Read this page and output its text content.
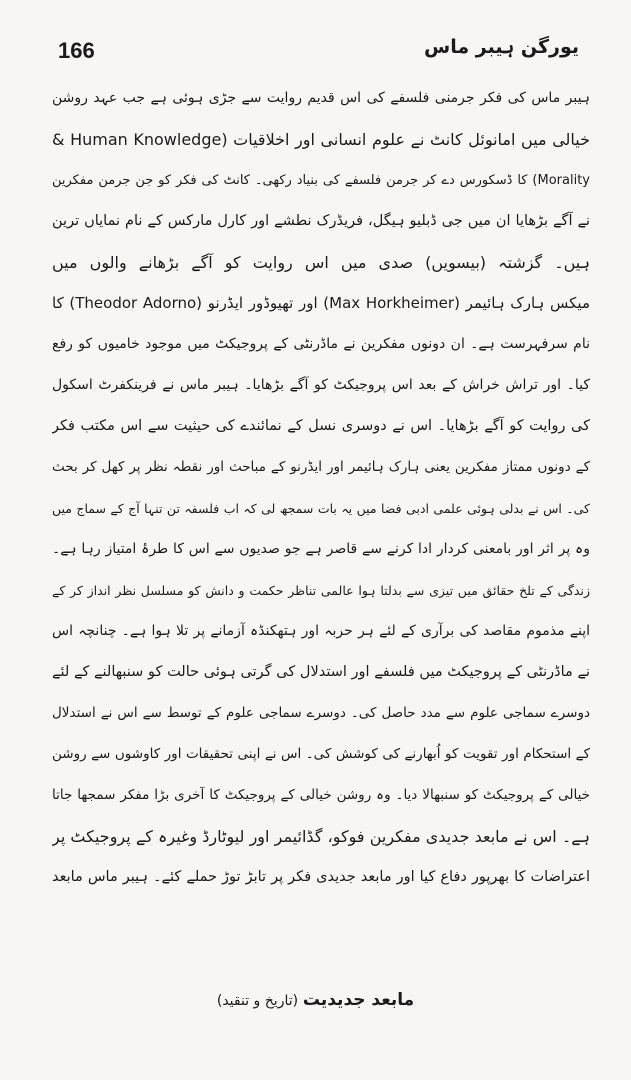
166	یورگن ہیبر ماس
ہیبر ماس کی فکر جرمنی فلسفے کی اس قدیم روایت سے جڑی ہوئی ہے جب عہد روشن
خیالی میں امانوئل کانٹ نے علوم انسانی اور اخلاقیات (Human Knowledge &
Morality) کا ڈسکورس دے کر جرمن فلسفے کی بنیاد رکھی۔ کانٹ کی فکر کو جن جرمن مفکرین
نے آگے بڑھایا ان میں جی ڈبلیو ہیگل، فریڈرک نطشے اور کارل مارکس کے نام نمایاں ترین
ہیں۔ گزشتہ (بیسویں) صدی میں اس روایت کو آگے بڑھانے والوں میں
میکس ہارک ہائیمر (Max Horkheimer) اور تھیوڈور ایڈرنو (Theodor Adorno) کا
نام سرفہرست ہے۔ ان دونوں مفکرین نے ماڈرنٹی کے پروجیکٹ میں موجود خامیوں کو رفع
کیا۔ اور تراش خراش کے بعد اس پروجیکٹ کو آگے بڑھایا۔ ہیبر ماس نے فرینکفرٹ اسکول
کی روایت کو آگے بڑھایا۔ اس نے دوسری نسل کے نمائندے کی حیثیت سے اس مکتب فکر
کے دونوں ممتاز مفکرین یعنی ہارک ہائیمر اور ایڈرنو کے مباحث اور نقطہ نظر پر کھل کر بحث
کی۔ اس نے بدلی ہوئی علمی ادبی فضا میں یہ بات سمجھ لی کہ اب فلسفہ تن تنہا آج کے سماج میں
وہ پر اثر اور بامعنی کردار ادا کرنے سے قاصر ہے جو صدیوں سے اس کا طرۂ امتیاز رہا ہے۔
زندگی کے تلخ حقائق میں تیزی سے بدلتا ہوا عالمی تناظر حکمت و دانش کو مسلسل نظر انداز کر کے
اپنے مذموم مقاصد کی برآری کے لئے ہر حربہ اور ہتھکنڈہ آزمانے پر تلا ہوا ہے۔ چنانچہ اس
نے ماڈرنٹی کے پروجیکٹ میں فلسفے اور استدلال کی گرتی ہوئی حالت کو سنبھالنے کے لئے
دوسرے سماجی علوم سے مدد حاصل کی۔ دوسرے سماجی علوم کے توسط سے اس نے استدلال
کے استحکام اور تقویت کو اُبھارنے کی کوشش کی۔ اس نے اپنی تحقیقات اور کاوشوں سے روشن
خیالی کے پروجیکٹ کو سنبھالا دیا۔ وہ روشن خیالی کے پروجیکٹ کا آخری بڑا مفکر سمجھا جاتا
ہے۔ اس نے مابعد جدیدی مفکرین فوکو، گڈائیمر اور لیوٹارڈ وغیرہ کے پروجیکٹ پر
اعتراضات کا بھرپور دفاع کیا اور مابعد جدیدی فکر پر تابڑ توڑ حملے کئے۔ ہیبر ماس مابعد
مابعد جدیدیت (تاریخ و تنقید)
